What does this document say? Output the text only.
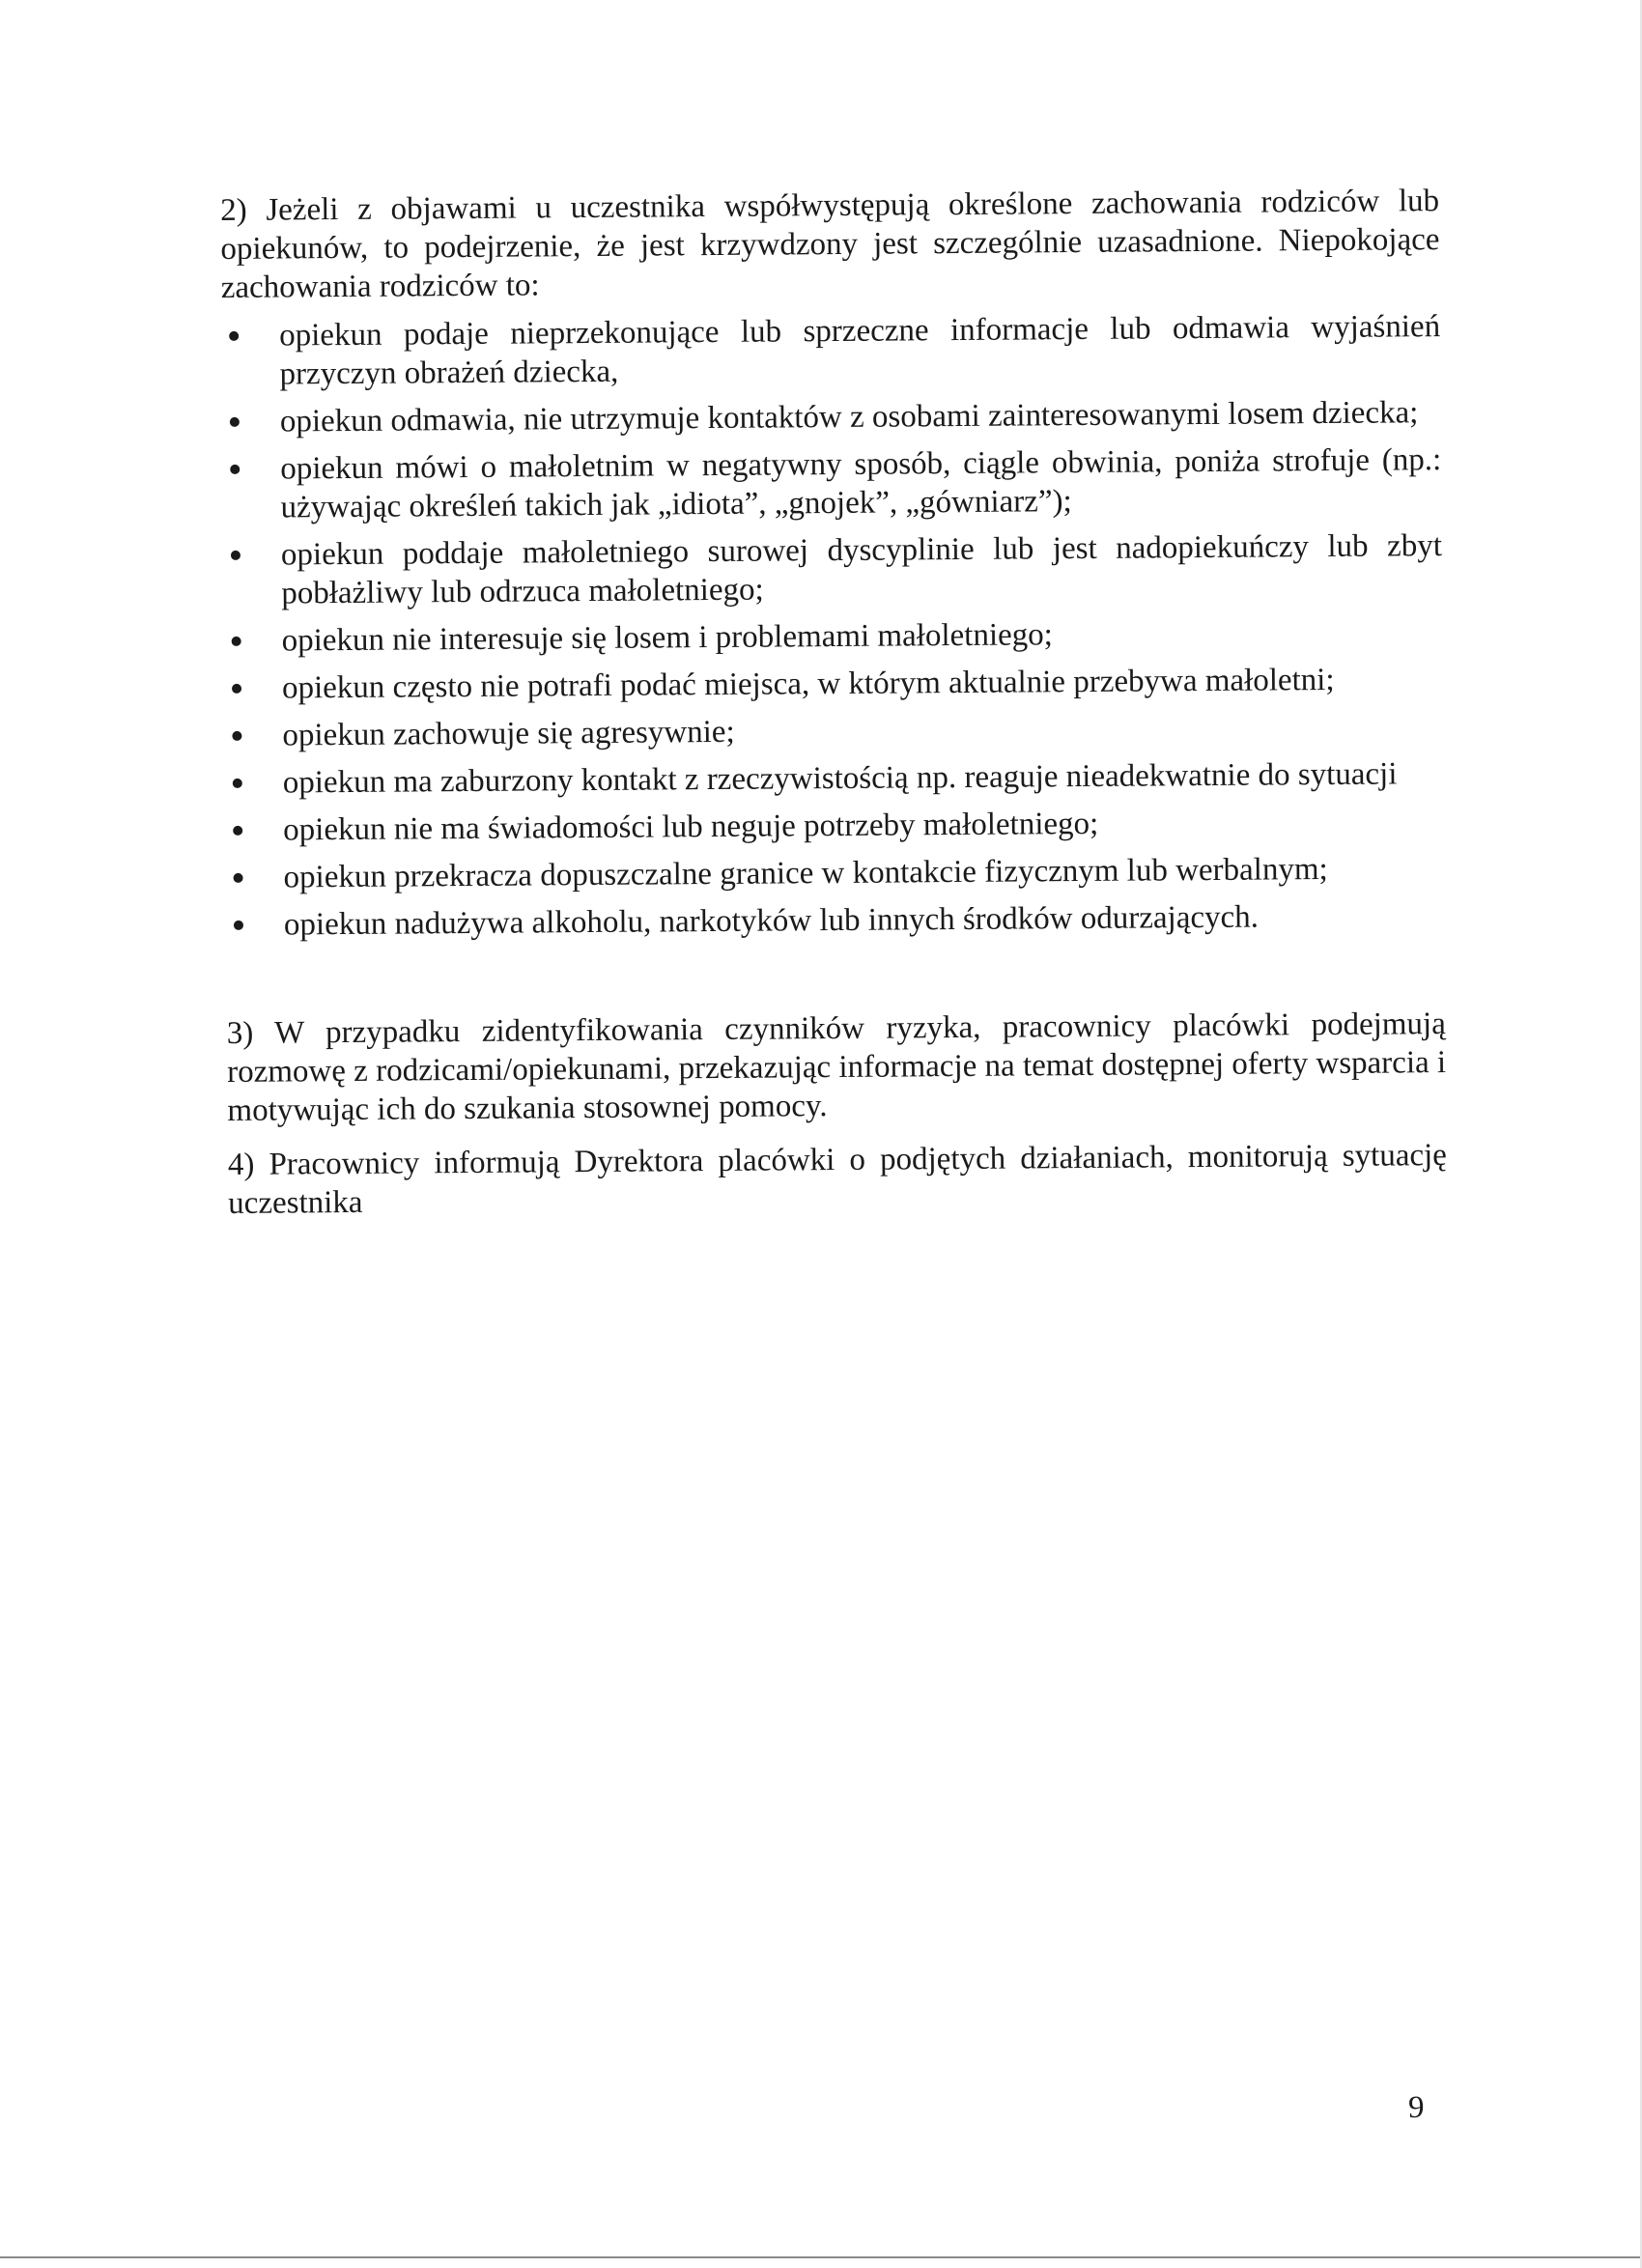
2) Jeżeli z objawami u uczestnika współwystępują określone zachowania rodziców lub opiekunów, to podejrzenie, że jest krzywdzony jest szczególnie uzasadnione. Niepokojące zachowania rodziców to:

opiekun podaje nieprzekonujące lub sprzeczne informacje lub odmawia wyjaśnień przyczyn obrażeń dziecka,
opiekun odmawia, nie utrzymuje kontaktów z osobami zainteresowanymi losem dziecka;
opiekun mówi o małoletnim w negatywny sposób, ciągle obwinia, poniża strofuje (np.: używając określeń takich jak „idiota”, „gnojek”, „gówniarz”);
opiekun poddaje małoletniego surowej dyscyplinie lub jest nadopiekuńczy lub zbyt pobłażliwy lub odrzuca małoletniego;
opiekun nie interesuje się losem i problemami małoletniego;
opiekun często nie potrafi podać miejsca, w którym aktualnie przebywa małoletni;
opiekun zachowuje się agresywnie;
opiekun ma zaburzony kontakt z rzeczywistością np. reaguje nieadekwatnie do sytuacji
opiekun nie ma świadomości lub neguje potrzeby małoletniego;
opiekun przekracza dopuszczalne granice w kontakcie fizycznym lub werbalnym;
opiekun nadużywa alkoholu, narkotyków lub innych środków odurzających.

3) W przypadku zidentyfikowania czynników ryzyka, pracownicy placówki podejmują rozmowę z rodzicami/opiekunami, przekazując informacje na temat dostępnej oferty wsparcia i motywując ich do szukania stosownej pomocy.

4) Pracownicy informują Dyrektora placówki o podjętych działaniach, monitorują sytuację uczestnika

9
